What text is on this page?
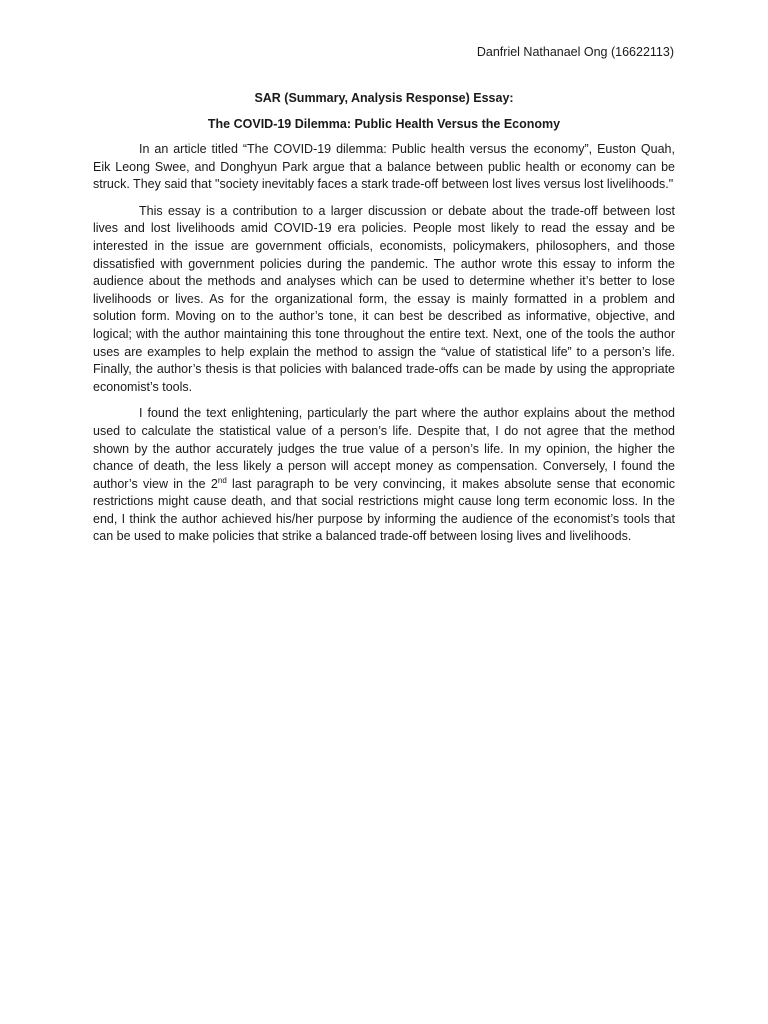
Danfriel Nathanael Ong (16622113)
SAR (Summary, Analysis Response) Essay:
The COVID-19 Dilemma: Public Health Versus the Economy

In an article titled “The COVID-19 dilemma: Public health versus the economy”, Euston Quah, Eik Leong Swee, and Donghyun Park argue that a balance between public health or economy can be struck. They said that "society inevitably faces a stark trade-off between lost lives versus lost livelihoods."

This essay is a contribution to a larger discussion or debate about the trade-off between lost lives and lost livelihoods amid COVID-19 era policies. People most likely to read the essay and be interested in the issue are government officials, economists, policymakers, philosophers, and those dissatisfied with government policies during the pandemic. The author wrote this essay to inform the audience about the methods and analyses which can be used to determine whether it’s better to lose livelihoods or lives. As for the organizational form, the essay is mainly formatted in a problem and solution form. Moving on to the author’s tone, it can best be described as informative, objective, and logical; with the author maintaining this tone throughout the entire text. Next, one of the tools the author uses are examples to help explain the method to assign the “value of statistical life” to a person’s life. Finally, the author’s thesis is that policies with balanced trade-offs can be made by using the appropriate economist’s tools.

I found the text enlightening, particularly the part where the author explains about the method used to calculate the statistical value of a person’s life. Despite that, I do not agree that the method shown by the author accurately judges the true value of a person’s life. In my opinion, the higher the chance of death, the less likely a person will accept money as compensation. Conversely, I found the author’s view in the 2nd last paragraph to be very convincing, it makes absolute sense that economic restrictions might cause death, and that social restrictions might cause long term economic loss. In the end, I think the author achieved his/her purpose by informing the audience of the economist’s tools that can be used to make policies that strike a balanced trade-off between losing lives and livelihoods.
